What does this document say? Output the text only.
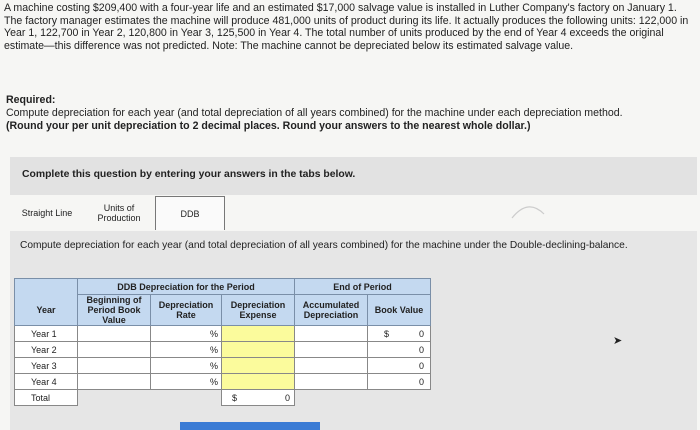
A machine costing $209,400 with a four-year life and an estimated $17,000 salvage value is installed in Luther Company's factory on January 1. The factory manager estimates the machine will produce 481,000 units of product during its life. It actually produces the following units: 122,000 in Year 1, 122,700 in Year 2, 120,800 in Year 3, 125,500 in Year 4. The total number of units produced by the end of Year 4 exceeds the original estimate—this difference was not predicted. Note: The machine cannot be depreciated below its estimated salvage value.
Required:
Compute depreciation for each year (and total depreciation of all years combined) for the machine under each depreciation method.
(Round your per unit depreciation to 2 decimal places. Round your answers to the nearest whole dollar.)
Complete this question by entering your answers in the tabs below.
Straight Line	Units of Production	DDB
Compute depreciation for each year (and total depreciation of all years combined) for the machine under the Double-declining-balance.
	DDB Depreciation for the Period			End of Period	
Year	Beginning of Period Book Value	Depreciation Rate	Depreciation Expense	Accumulated Depreciation	Book Value
Year 1		%			$ 0
Year 2		%			0
Year 3		%			0
Year 4		%			0
Total			$ 0		

➤
